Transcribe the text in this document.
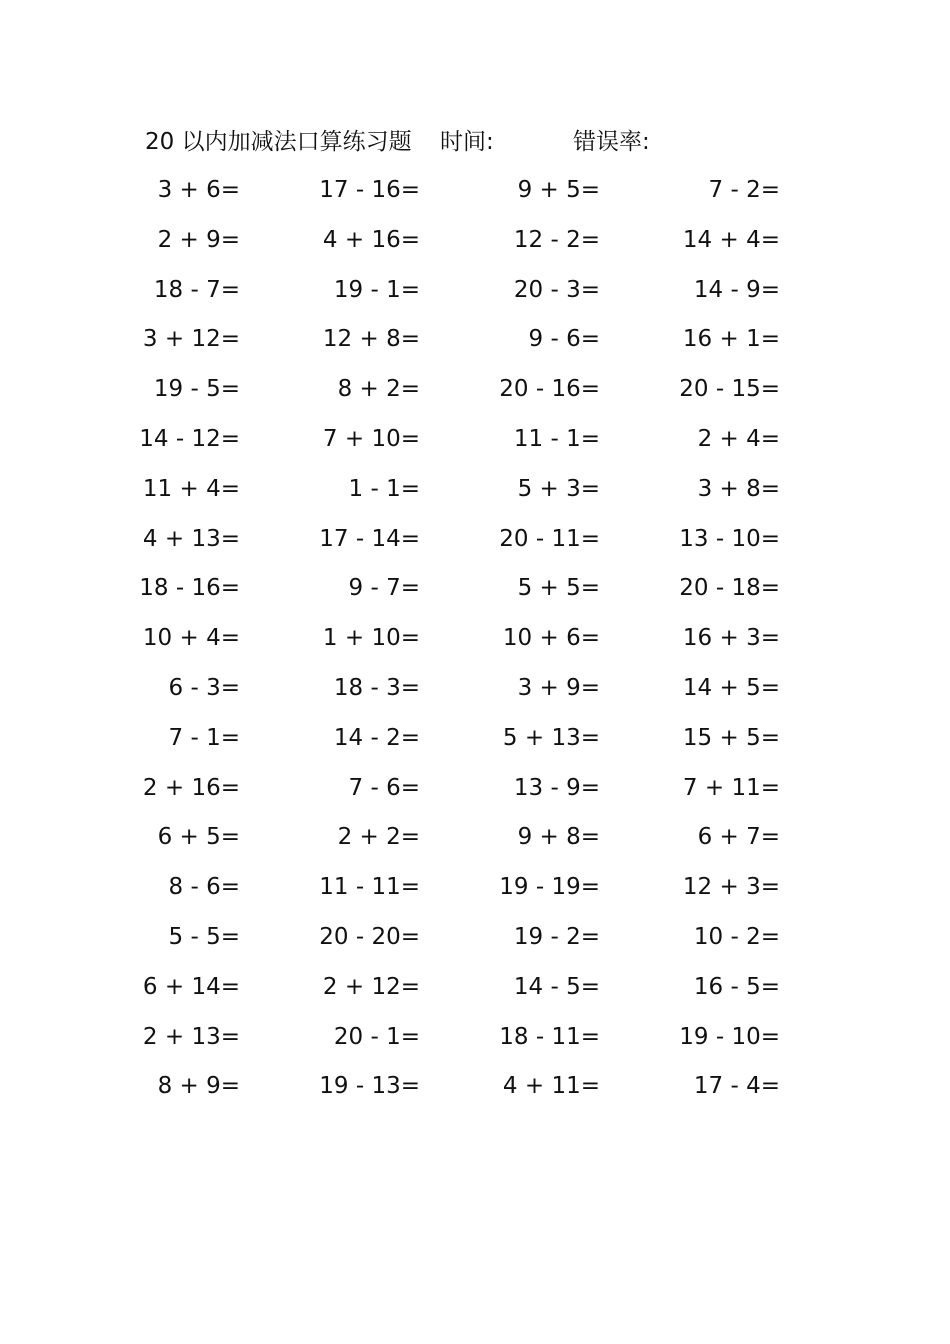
20 以内加减法口算练习题 时间:	错误率:
3 + 6=
2 + 9=
18 - 7=
3 + 12=
19 - 5=
14 - 12=
11 + 4=
4 + 13=
18 - 16=
10 + 4=
6 - 3=
7 - 1=
2 + 16=
6 + 5=
8 - 6=
5 - 5=
6 + 14=
2 + 13=
8 + 9=
17 - 16=
4 + 16=
19 - 1=
12 + 8=
8 + 2=
7 + 10=
1 - 1=
17 - 14=
9 - 7=
1 + 10=
18 - 3=
14 - 2=
7 - 6=
2 + 2=
11 - 11=
20 - 20=
2 + 12=
20 - 1=
19 - 13=
9 + 5=
12 - 2=
20 - 3=
9 - 6=
20 - 16=
11 - 1=
5 + 3=
20 - 11=
5 + 5=
10 + 6=
3 + 9=
5 + 13=
13 - 9=
9 + 8=
19 - 19=
19 - 2=
14 - 5=
18 - 11=
4 + 11=
7 - 2=
14 + 4=
14 - 9=
16 + 1=
20 - 15=
2 + 4=
3 + 8=
13 - 10=
20 - 18=
16 + 3=
14 + 5=
15 + 5=
7 + 11=
6 + 7=
12 + 3=
10 - 2=
16 - 5=
19 - 10=
17 - 4=
